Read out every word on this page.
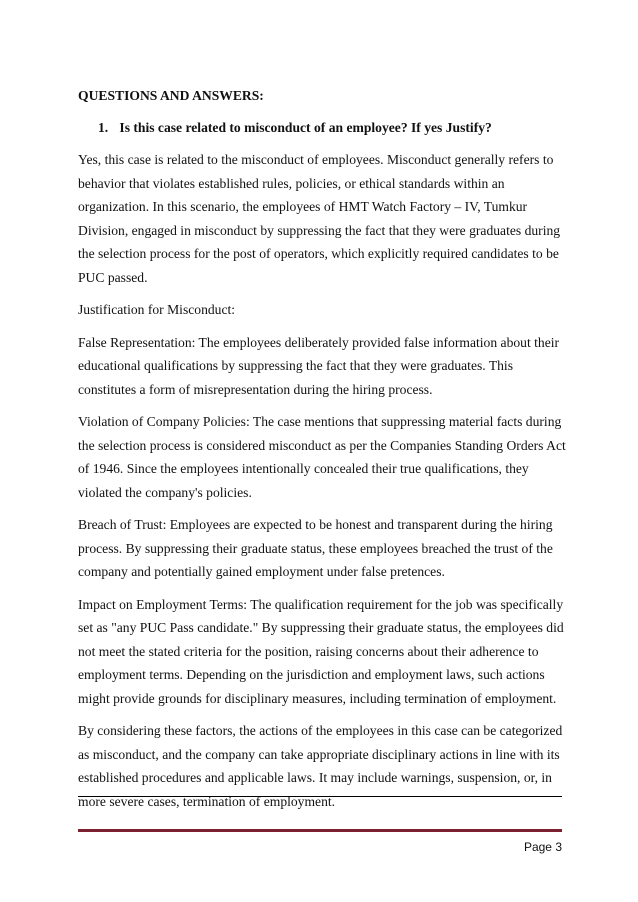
QUESTIONS AND ANSWERS:
1. Is this case related to misconduct of an employee? If yes Justify?

Yes, this case is related to the misconduct of employees. Misconduct generally refers to behavior that violates established rules, policies, or ethical standards within an organization. In this scenario, the employees of HMT Watch Factory – IV, Tumkur Division, engaged in misconduct by suppressing the fact that they were graduates during the selection process for the post of operators, which explicitly required candidates to be PUC passed.

Justification for Misconduct:

False Representation: The employees deliberately provided false information about their educational qualifications by suppressing the fact that they were graduates. This constitutes a form of misrepresentation during the hiring process.

Violation of Company Policies: The case mentions that suppressing material facts during the selection process is considered misconduct as per the Companies Standing Orders Act of 1946. Since the employees intentionally concealed their true qualifications, they violated the company's policies.

Breach of Trust: Employees are expected to be honest and transparent during the hiring process. By suppressing their graduate status, these employees breached the trust of the company and potentially gained employment under false pretences.

Impact on Employment Terms: The qualification requirement for the job was specifically set as "any PUC Pass candidate." By suppressing their graduate status, the employees did not meet the stated criteria for the position, raising concerns about their adherence to employment terms. Depending on the jurisdiction and employment laws, such actions might provide grounds for disciplinary measures, including termination of employment.

By considering these factors, the actions of the employees in this case can be categorized as misconduct, and the company can take appropriate disciplinary actions in line with its established procedures and applicable laws. It may include warnings, suspension, or, in more severe cases, termination of employment.

Page 3
